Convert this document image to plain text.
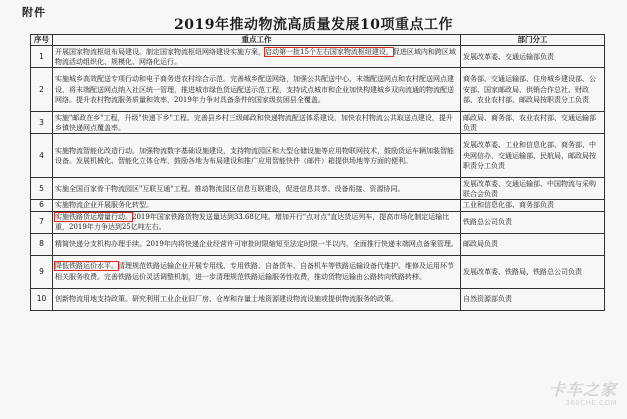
附件
2019年推动物流高质量发展10项重点工作
序号	重点工作	部门分工
1	开展国家物流枢纽布局建设。制定国家物流枢纽网络建设实施方案，启动第一批15个左右国家物流枢纽建设，促进区域内和跨区域物流活动组织化、规模化、网络化运行。	发展改革委、交通运输部负责
2	实施城乡高效配送专项行动和电子商务进农村综合示范。完善城乡配送网络，加强公共配送中心、末端配送网点和农村配送网点建设，将末端配送网点纳入社区统一管理，推进城市绿色货运配送示范工程，支持试点城市和企业加快构建城乡双向流通的物流配送网络。提升农村物流服务质量和效率，2019年力争对具备条件的国家级贫困县全覆盖。	商务部、交通运输部、住房城乡建设部、公安部、国家邮政局、供销合作总社、财政部、农业农村部、邮政局按职责分工负责
3	实施"邮政在乡"工程，升级"快递下乡"工程。完善县乡村三级邮政和快递物流配送体系建设，加快农村物流公共取送点建设，提升乡镇快递网点覆盖率。	邮政局、商务部、农业农村部、交通运输部负责
4	实施物流智能化改造行动。加强物流数字基础设施建设，支持物流园区和大型仓储设施等应用物联网技术，鼓励货运车辆加装智能设备。发展机械化、智能化立体仓库，鼓励各地为布局建设和推广应用智能快件（邮件）箱提供场地等方面的便利。	发展改革委、工业和信息化部、商务部、中央网信办、交通运输部、民航局、邮政局按职责分工负责
5	实施全国百家骨干物流园区"互联互通"工程。推动物流园区信息互联建设，促进信息共享、设备衔接、资源协同。	发展改革委、交通运输部、中国物流与采购联合会负责
6	实施物流企业开展服务化转型。	工业和信息化部、商务部负责
7	实施铁路货运增量行动。2019年国家铁路货物发送量达到33.68亿吨。增加开行"点对点"直达货运列车，提高市场化制定运输比重，2019年力争达到25亿吨左右。	铁路总公司负责
8	精简快递分支机构办理手续。2019年内将快递企业经营许可审批时限缩短至法定时限一半以内，全面推行快递末端网点备案管理。	邮政局负责
9	降低铁路运价水平。清理规范铁路运输企业开展专用线、专用铁路、自备货车、自备机车等铁路运输设备代维护、维修及运用环节相关服务收费。完善铁路运价灵活调整机制，进一步清理规范铁路运输服务性收费，推动货物运输由公路转向铁路转移。	发展改革委、铁路局、铁路总公司负责
10	创新物流用地支持政策。研究利用工业企业旧厂房、仓库和存量土地资源建设物流设施或提供物流服务的政策。	自然资源部负责
卡车之家
360CHE.COM
